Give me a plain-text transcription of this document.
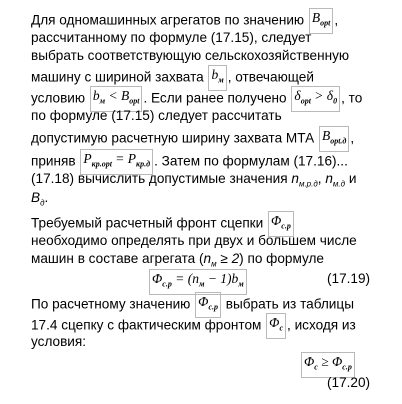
Для одномашинных агрегатов по значению $B_{opt}$ ,
рассчитанному по формуле (17.15), следует
выбрать соответствующую сельскохозяйственную
машину с шириной захвата $b_м$ , отвечающей
условию $b_м < B_{opt}$ . Если ранее получено $\delta_{opt} > \delta_0$ , то
по формуле (17.15) следует рассчитать
допустимую расчетную ширину захвата МТА $B_{opt.д}$ ,
приняв $P_{кр.opt} = P_{кр.д}$ . Затем по формулам (17.16)...
(17.18) вычислить допустимые значения $n_{м.р.д}$, $n_{м.д}$ и
$B_д$.
Требуемый расчетный фронт сцепки $\Phi_{с.р}$
необходимо определять при двух и большем числе
машин в составе агрегата $(n_м \ge 2)$ по формуле
$\Phi_{с.р} = (n_м - 1)b_м$	(17.19)
По расчетному значению $\Phi_{с.р}$ выбрать из таблицы
17.4 сцепку с фактическим фронтом $\Phi_с$ , исходя из
условия:
$\Phi_с \ge \Phi_{с.р}$
(17.20)
